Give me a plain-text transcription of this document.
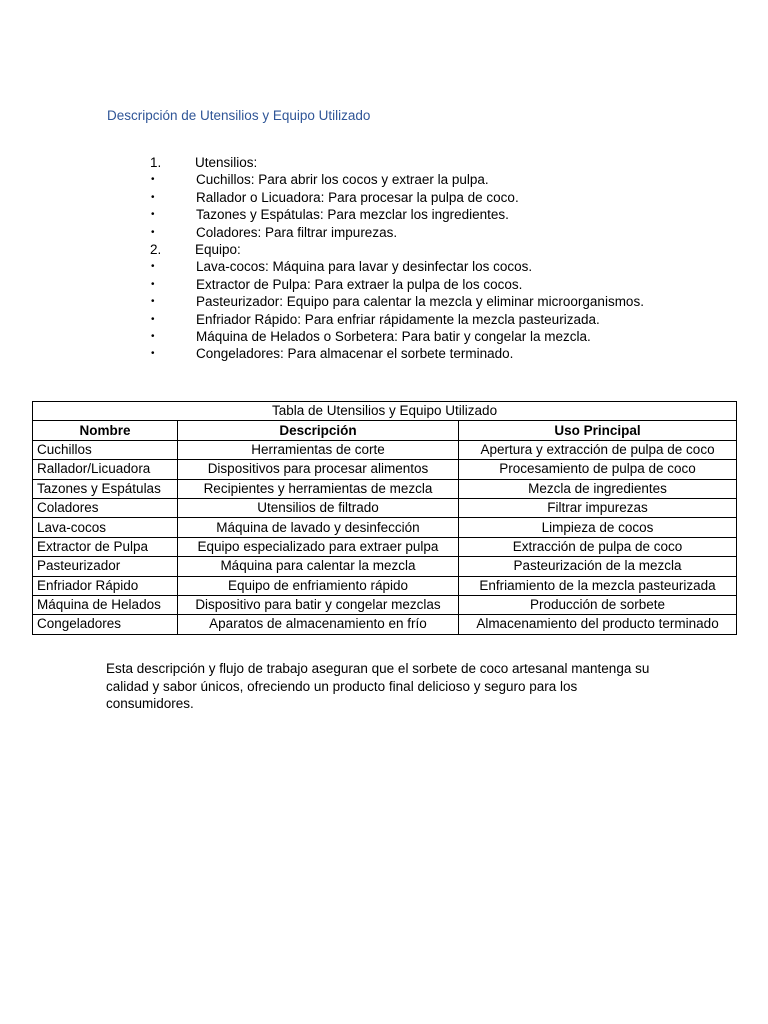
Descripción de Utensilios y Equipo Utilizado
1.	Utensilios:
•	Cuchillos: Para abrir los cocos y extraer la pulpa.
•	Rallador o Licuadora: Para procesar la pulpa de coco.
•	Tazones y Espátulas: Para mezclar los ingredientes.
•	Coladores: Para filtrar impurezas.
2.	Equipo:
•	Lava-cocos: Máquina para lavar y desinfectar los cocos.
•	Extractor de Pulpa: Para extraer la pulpa de los cocos.
•	Pasteurizador: Equipo para calentar la mezcla y eliminar microorganismos.
•	Enfriador Rápido: Para enfriar rápidamente la mezcla pasteurizada.
•	Máquina de Helados o Sorbetera: Para batir y congelar la mezcla.
•	Congeladores: Para almacenar el sorbete terminado.
Tabla de Utensilios y Equipo Utilizado		
Nombre	Descripción	Uso Principal
Cuchillos	Herramientas de corte	Apertura y extracción de pulpa de coco
Rallador/Licuadora	Dispositivos para procesar alimentos	Procesamiento de pulpa de coco
Tazones y Espátulas	Recipientes y herramientas de mezcla	Mezcla de ingredientes
Coladores	Utensilios de filtrado	Filtrar impurezas
Lava-cocos	Máquina de lavado y desinfección	Limpieza de cocos
Extractor de Pulpa	Equipo especializado para extraer pulpa	Extracción de pulpa de coco
Pasteurizador	Máquina para calentar la mezcla	Pasteurización de la mezcla
Enfriador Rápido	Equipo de enfriamiento rápido	Enfriamiento de la mezcla pasteurizada
Máquina de Helados	Dispositivo para batir y congelar mezclas	Producción de sorbete
Congeladores	Aparatos de almacenamiento en frío	Almacenamiento del producto terminado

Esta descripción y flujo de trabajo aseguran que el sorbete de coco artesanal mantenga su calidad y sabor únicos, ofreciendo un producto final delicioso y seguro para los consumidores.
